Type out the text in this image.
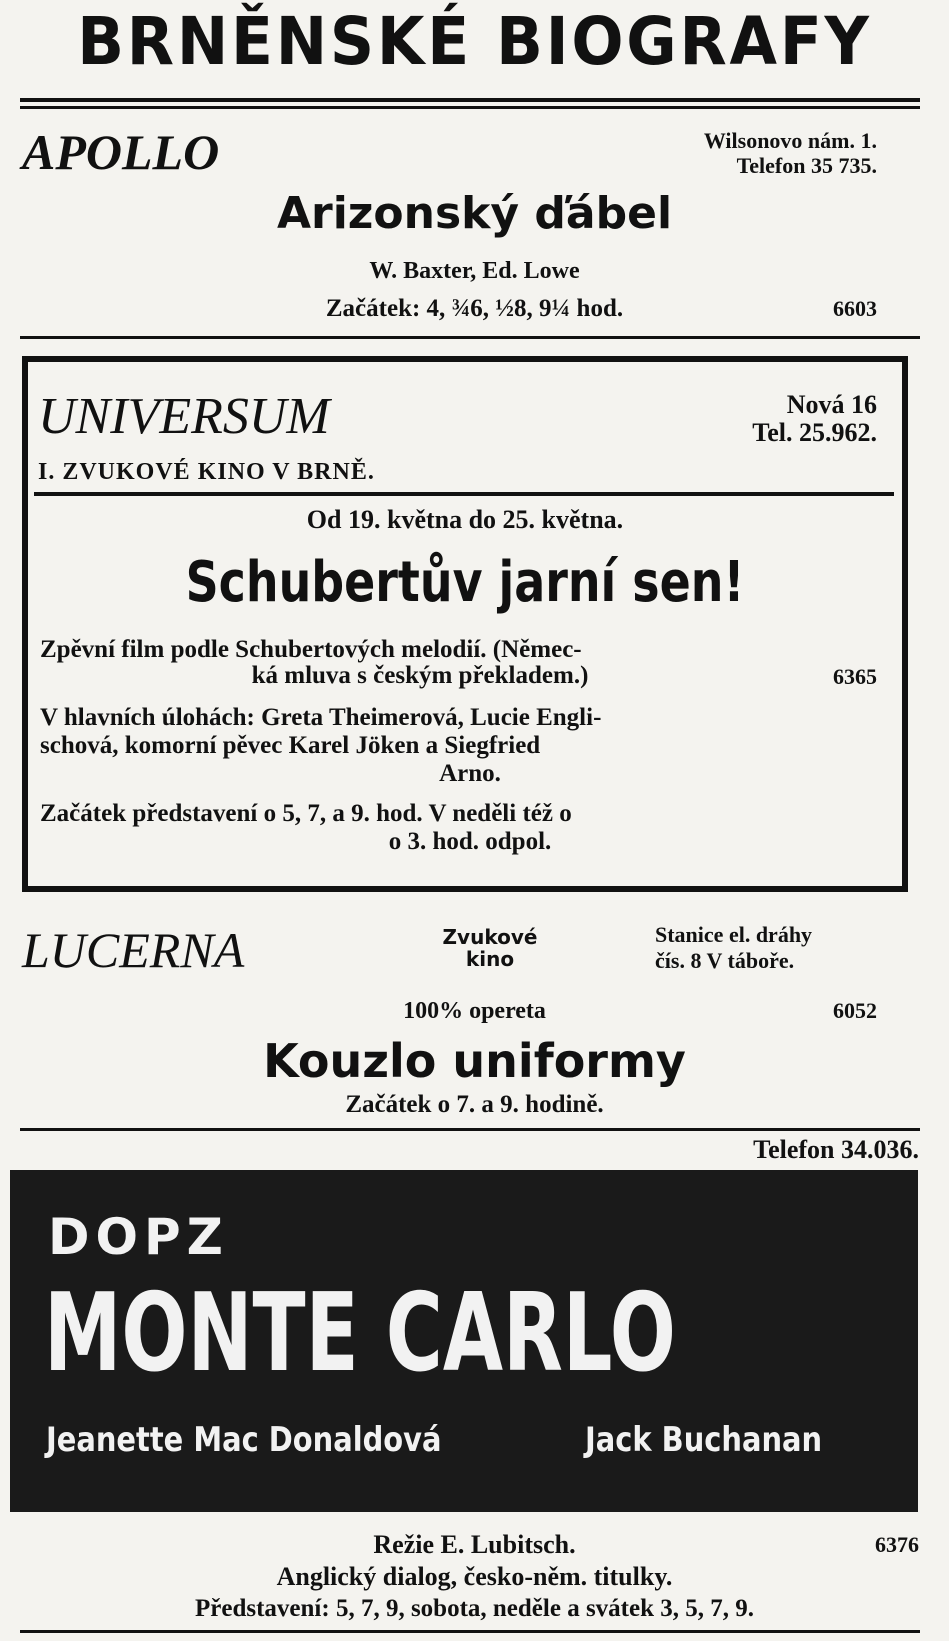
BRNĚNSKÉ BIOGRAFY
APOLLO	Wilsonovo nám. 1.
Telefon 35 735.
Arizonský ďábel
W. Baxter, Ed. Lowe
Začátek: 4, ¾6, ½8, 9¼ hod.	6603
UNIVERSUM
I. ZVUKOVÉ KINO V BRNĚ.
Nová 16
Tel. 25.962.
Od 19. května do 25. května.
Schubertův jarní sen!
Zpěvní film podle Schubertových melodií. (Němec-
ká mluva s českým překladem.)	6365
V hlavních úlohách: Greta Theimerová, Lucie Engli-
schová, komorní pěvec Karel Jöken a Siegfried
Arno.
Začátek představení o 5, 7, a 9. hod. V neděli též o
o 3. hod. odpol.
LUCERNA	Zvukové
kino
Stanice el. dráhy
čís. 8 V táboře.
100% opereta	6052
Kouzlo uniformy
Začátek o 7. a 9. hodině.
Telefon 34.036.
DOPZ
MONTE CARLO
Jeanette Mac Donaldová	Jack Buchanan
Režie E. Lubitsch.	6376
Anglický dialog, česko-něm. titulky.
Představení: 5, 7, 9, sobota, neděle a svátek 3, 5, 7, 9.
